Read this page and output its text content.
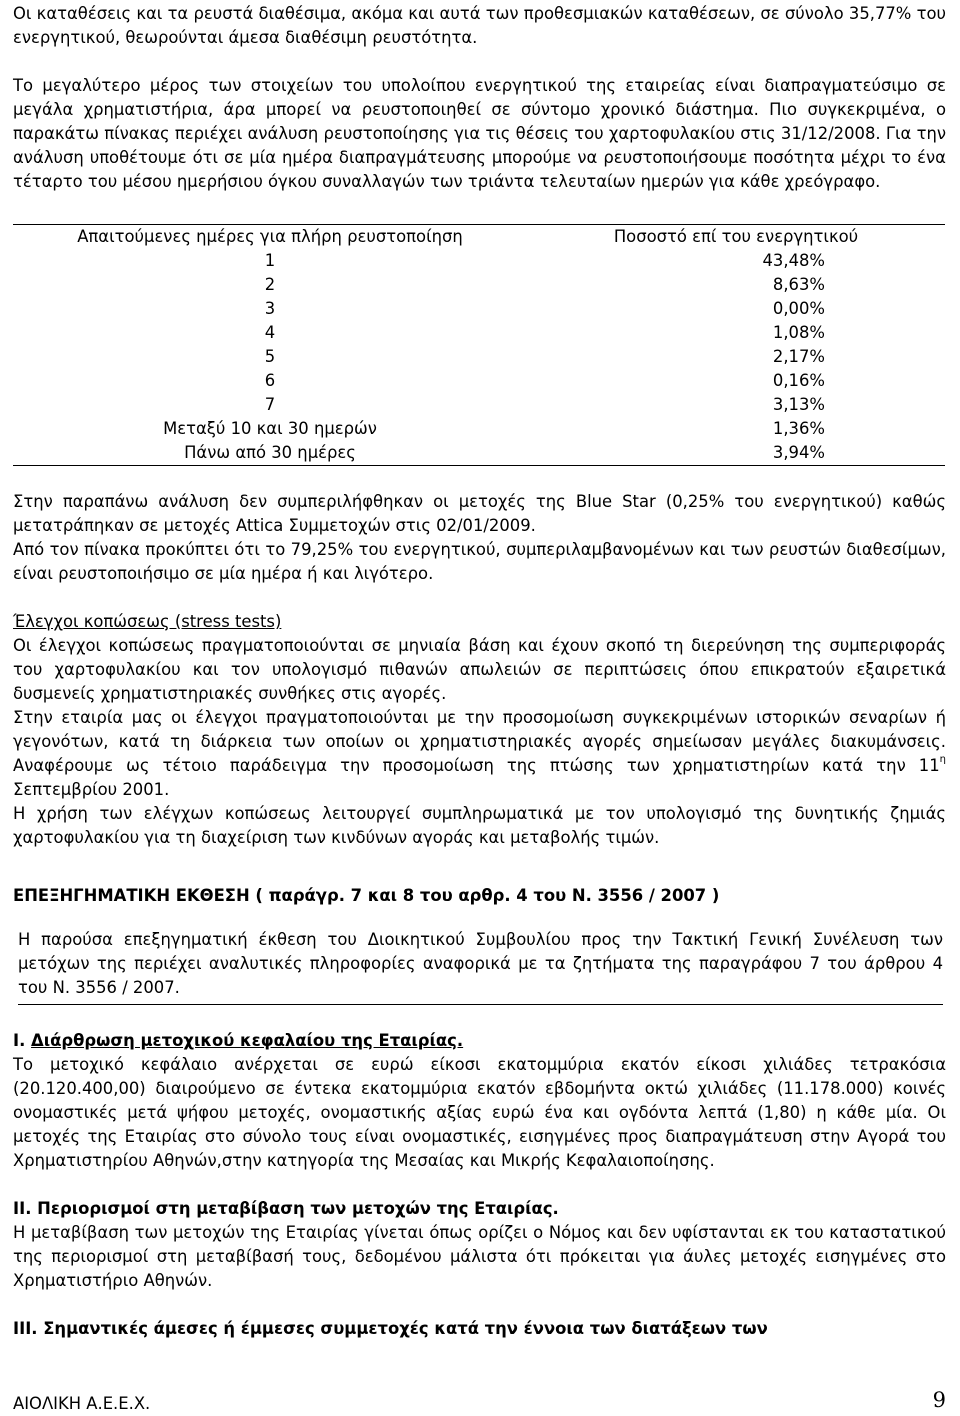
Οι καταθέσεις και τα ρευστά διαθέσιμα, ακόμα και αυτά των προθεσμιακών καταθέσεων, σε σύνολο 35,77% του ενεργητικού, θεωρούνται άμεσα διαθέσιμη ρευστότητα.

Το μεγαλύτερο μέρος των στοιχείων του υπολοίπου ενεργητικού της εταιρείας είναι διαπραγματεύσιμο σε μεγάλα χρηματιστήρια, άρα μπορεί να ρευστοποιηθεί σε σύντομο χρονικό διάστημα. Πιο συγκεκριμένα, ο παρακάτω πίνακας περιέχει ανάλυση ρευστοποίησης για τις θέσεις του χαρτοφυλακίου στις 31/12/2008. Για την ανάλυση υποθέτουμε ότι σε μία ημέρα διαπραγμάτευσης μπορούμε να ρευστοποιήσουμε ποσότητα μέχρι το ένα τέταρτο του μέσου ημερήσιου όγκου συναλλαγών των τριάντα τελευταίων ημερών για κάθε χρεόγραφο.

Απαιτούμενες ημέρες για πλήρη ρευστοποίηση	Ποσοστό επί του ενεργητικού
1	43,48%
2	8,63%
3	0,00%
4	1,08%
5	2,17%
6	0,16%
7	3,13%
Μεταξύ 10 και 30 ημερών	1,36%
Πάνω από 30 ημέρες	3,94%

Στην παραπάνω ανάλυση δεν συμπεριλήφθηκαν οι μετοχές της Blue Star (0,25% του ενεργητικού) καθώς μετατράπηκαν σε μετοχές Attica Συμμετοχών στις 02/01/2009.

Από τον πίνακα προκύπτει ότι το 79,25% του ενεργητικού, συμπεριλαμβανομένων και των ρευστών διαθεσίμων, είναι ρευστοποιήσιμο σε μία ημέρα ή και λιγότερο.

Έλεγχοι κοπώσεως (stress tests)

Οι έλεγχοι κοπώσεως πραγματοποιούνται σε μηνιαία βάση και έχουν σκοπό τη διερεύνηση της συμπεριφοράς του χαρτοφυλακίου και τον υπολογισμό πιθανών απωλειών σε περιπτώσεις όπου επικρατούν εξαιρετικά δυσμενείς χρηματιστηριακές συνθήκες στις αγορές.

Στην εταιρία μας οι έλεγχοι πραγματοποιούνται με την προσομοίωση συγκεκριμένων ιστορικών σεναρίων ή γεγονότων, κατά τη διάρκεια των οποίων οι χρηματιστηριακές αγορές σημείωσαν μεγάλες διακυμάνσεις. Αναφέρουμε ως τέτοιο παράδειγμα την προσομοίωση της πτώσης των χρηματιστηρίων κατά την $11^\eta$ Σεπτεμβρίου 2001.

Η χρήση των ελέγχων κοπώσεως λειτουργεί συμπληρωματικά με τον υπολογισμό της δυνητικής ζημιάς χαρτοφυλακίου για τη διαχείριση των κινδύνων αγοράς και μεταβολής τιμών.

ΕΠΕΞΗΓΗΜΑΤΙΚΗ ΕΚΘΕΣΗ ( παράγρ. 7 και 8 του αρθρ. 4 του Ν. 3556 / 2007 )

Η παρούσα επεξηγηματική έκθεση του Διοικητικού Συμβουλίου προς την Τακτική Γενική Συνέλευση των μετόχων της περιέχει αναλυτικές πληροφορίες αναφορικά με τα ζητήματα της παραγράφου 7 του άρθρου 4 του Ν. 3556 / 2007.

Ι. Διάρθρωση μετοχικού κεφαλαίου της Εταιρίας.

Το μετοχικό κεφάλαιο ανέρχεται σε ευρώ είκοσι εκατομμύρια εκατόν είκοσι χιλιάδες τετρακόσια (20.120.400,00) διαιρούμενο σε έντεκα εκατομμύρια εκατόν εβδομήντα οκτώ χιλιάδες (11.178.000) κοινές ονομαστικές μετά ψήφου μετοχές, ονομαστικής αξίας ευρώ ένα και ογδόντα λεπτά (1,80) η κάθε μία. Οι μετοχές της Εταιρίας στο σύνολο τους είναι ονομαστικές, εισηγμένες προς διαπραγμάτευση στην Αγορά του Χρηματιστηρίου Αθηνών,στην κατηγορία της Μεσαίας και Μικρής Κεφαλαιοποίησης.

ΙΙ. Περιορισμοί στη μεταβίβαση των μετοχών της Εταιρίας.

Η μεταβίβαση των μετοχών της Εταιρίας γίνεται όπως ορίζει ο Νόμος και δεν υφίστανται εκ του καταστατικού της περιορισμοί στη μεταβίβασή τους, δεδομένου μάλιστα ότι πρόκειται για άυλες μετοχές εισηγμένες στο Χρηματιστήριο Αθηνών.

ΙΙΙ. Σημαντικές άμεσες ή έμμεσες συμμετοχές κατά την έννοια των διατάξεων των

ΑΙΟΛΙΚΗ Α.Ε.Ε.Χ.	9
